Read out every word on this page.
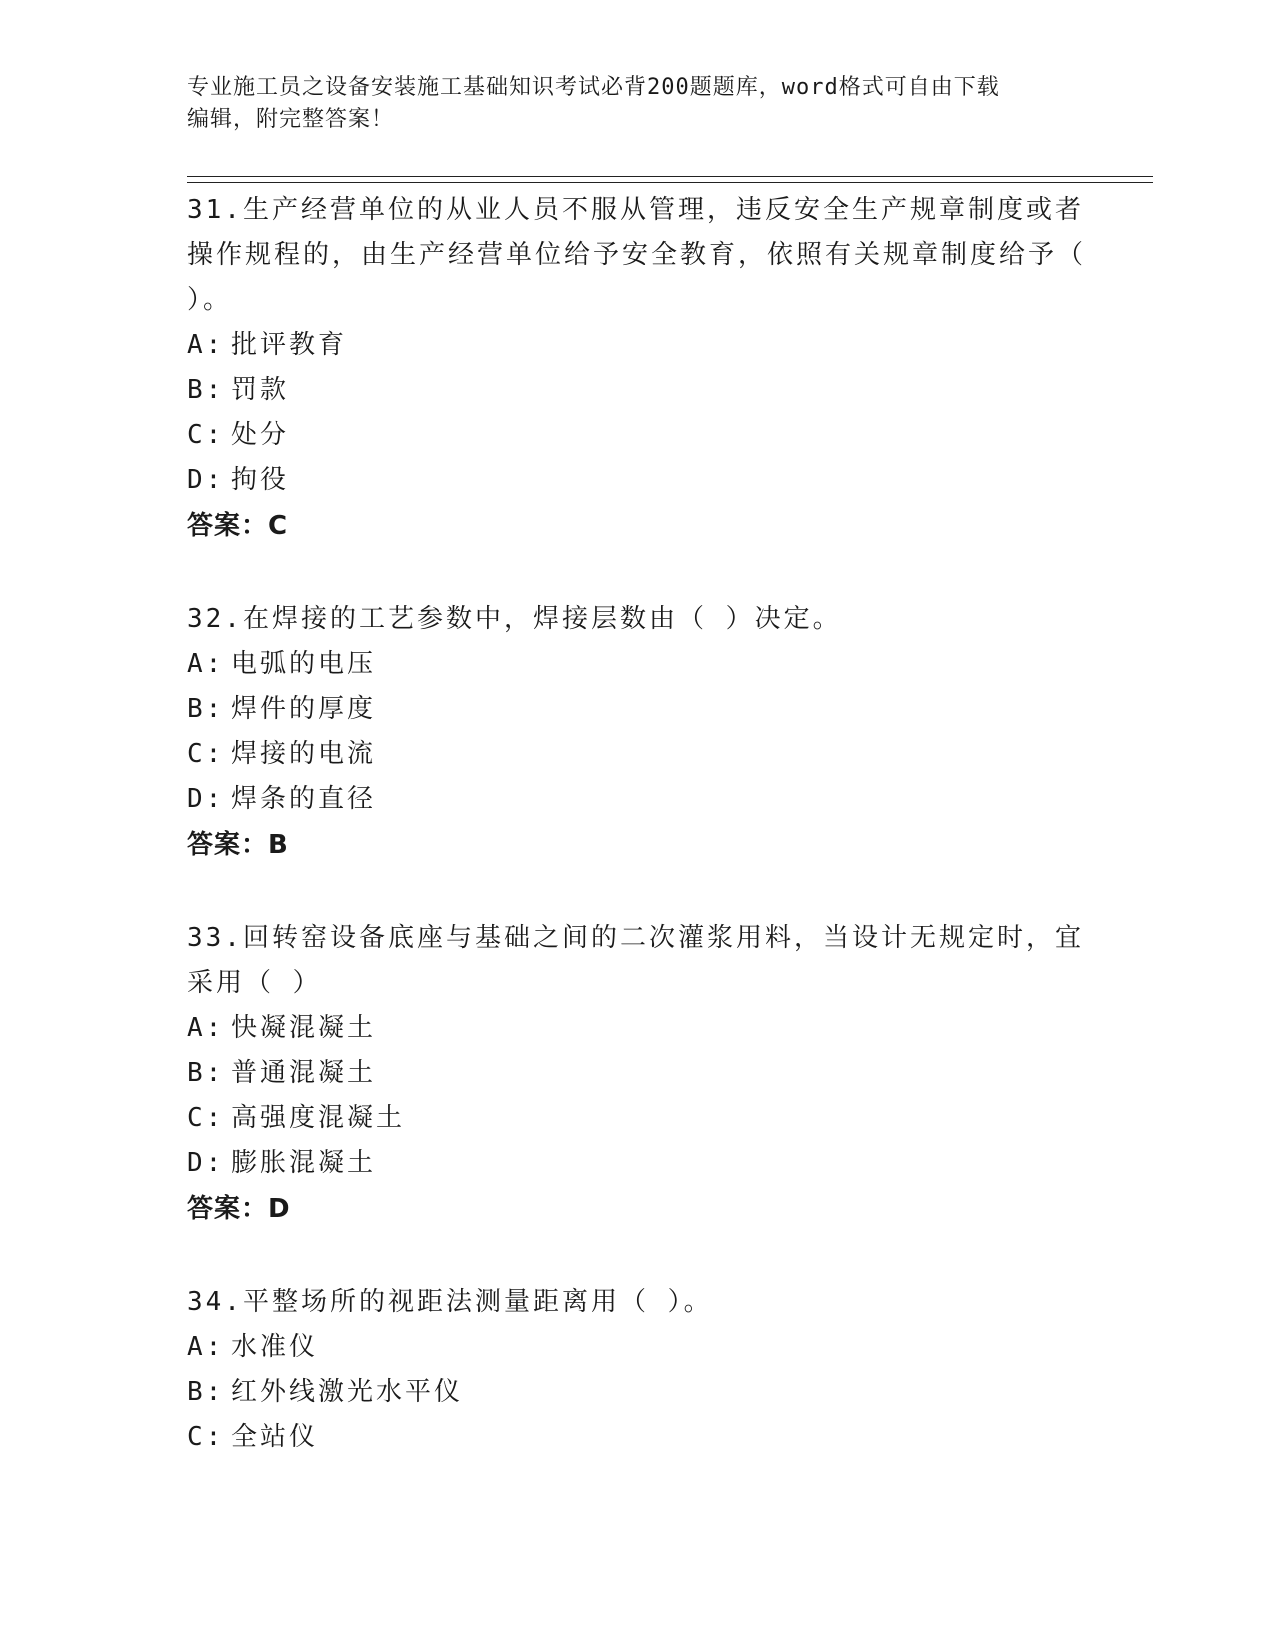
专业施工员之设备安装施工基础知识考试必背200题题库，word格式可自由下载
编辑，附完整答案！
31.生产经营单位的从业人员不服从管理，违反安全生产规章制度或者操作规程的，由生产经营单位给予安全教育，依照有关规章制度给予（ ）。
A: 批评教育
B: 罚款
C: 处分
D: 拘役
答案：C
32.在焊接的工艺参数中，焊接层数由（ ）决定。
A: 电弧的电压
B: 焊件的厚度
C: 焊接的电流
D: 焊条的直径
答案：B
33.回转窑设备底座与基础之间的二次灌浆用料，当设计无规定时，宜采用（ ）
A: 快凝混凝土
B: 普通混凝土
C: 高强度混凝土
D: 膨胀混凝土
答案：D
34.平整场所的视距法测量距离用（ ）。
A: 水准仪
B: 红外线激光水平仪
C: 全站仪
